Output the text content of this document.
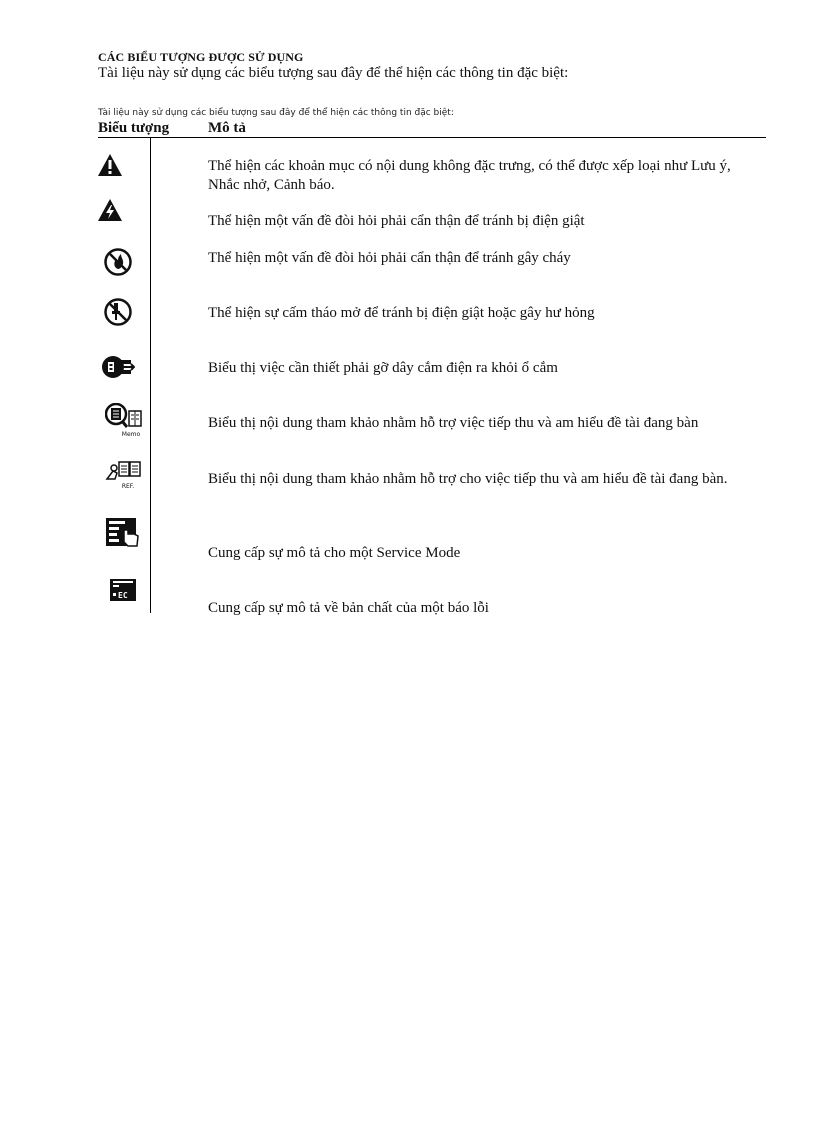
CÁC BIỂU TƯỢNG ĐƯỢC SỬ DỤNG
Tài liệu này sử dụng các biểu tượng sau đây để thể hiện các thông tin đặc biệt:
Tài liệu này sử dụng các biểu tượng sau đây để thể hiện các thông tin đặc biệt:
Biểu tượng	Mô tả
Thể hiện các khoản mục có nội dung không đặc trưng, có thể được xếp loại như Lưu ý, Nhắc nhở, Cảnh báo.
Thể hiện một vấn đề đòi hỏi phải cẩn thận để tránh bị điện giật
Thể hiện một vấn đề đòi hỏi phải cẩn thận để tránh gây cháy
Thể hiện sự cấm tháo mở để tránh bị điện giật hoặc gây hư hỏng
Biểu thị việc cần thiết phải gỡ dây cắm điện ra khỏi ổ cắm
Memo
Biểu thị nội dung tham khảo nhằm hỗ trợ việc tiếp thu và am hiểu đề tài đang bàn
REF.	Biểu thị nội dung tham khảo nhằm hỗ trợ cho việc tiếp thu và am hiểu đề tài đang bàn.
Cung cấp sự mô tả cho một Service Mode
EC
Cung cấp sự mô tả về bản chất của một báo lỗi
